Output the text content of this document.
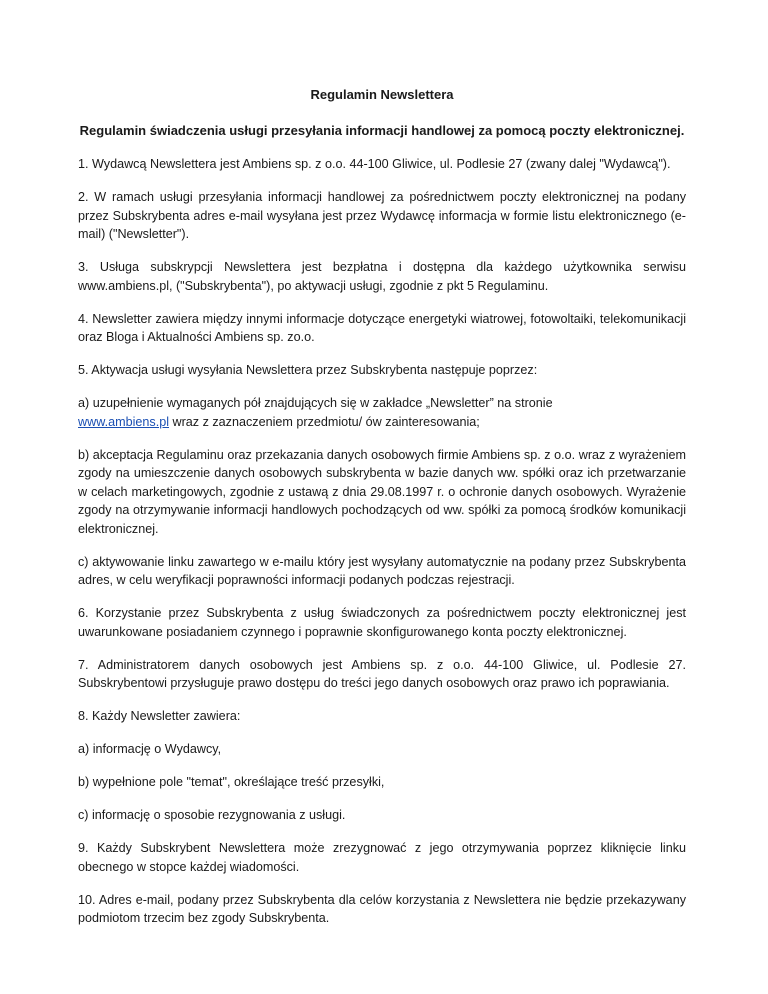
Regulamin Newslettera
Regulamin świadczenia usługi przesyłania informacji handlowej za pomocą poczty elektronicznej.
1. Wydawcą Newslettera jest Ambiens sp. z o.o. 44-100 Gliwice, ul. Podlesie 27 (zwany dalej "Wydawcą").
2. W ramach usługi przesyłania informacji handlowej za pośrednictwem poczty elektronicznej na podany przez Subskrybenta adres e-mail wysyłana jest przez Wydawcę informacja w formie listu elektronicznego (e-mail) ("Newsletter").
3. Usługa subskrypcji Newslettera jest bezpłatna i dostępna dla każdego użytkownika serwisu www.ambiens.pl, ("Subskrybenta"), po aktywacji usługi, zgodnie z pkt 5 Regulaminu.
4. Newsletter zawiera między innymi informacje dotyczące energetyki wiatrowej, fotowoltaiki, telekomunikacji oraz Bloga i Aktualności Ambiens sp. zo.o.
5. Aktywacja usługi wysyłania Newslettera przez Subskrybenta następuje poprzez:
a) uzupełnienie wymaganych pół znajdujących się w zakładce „Newsletter” na stronie
www.ambiens.pl wraz z zaznaczeniem przedmiotu/ ów zainteresowania;
b) akceptacja Regulaminu oraz przekazania danych osobowych firmie Ambiens sp. z o.o. wraz z wyrażeniem zgody na umieszczenie danych osobowych subskrybenta w bazie danych ww. spółki oraz ich przetwarzanie w celach marketingowych, zgodnie z ustawą z dnia 29.08.1997 r. o ochronie danych osobowych. Wyrażenie zgody na otrzymywanie informacji handlowych pochodzących od ww. spółki za pomocą środków komunikacji elektronicznej.
c) aktywowanie linku zawartego w e-mailu który jest wysyłany automatycznie na podany przez Subskrybenta adres, w celu weryfikacji poprawności informacji podanych podczas rejestracji.
6. Korzystanie przez Subskrybenta z usług świadczonych za pośrednictwem poczty elektronicznej jest uwarunkowane posiadaniem czynnego i poprawnie skonfigurowanego konta poczty elektronicznej.
7. Administratorem danych osobowych jest Ambiens sp. z o.o. 44-100 Gliwice, ul. Podlesie 27. Subskrybentowi przysługuje prawo dostępu do treści jego danych osobowych oraz prawo ich poprawiania.
8. Każdy Newsletter zawiera:
a) informację o Wydawcy,
b) wypełnione pole "temat", określające treść przesyłki,
c) informację o sposobie rezygnowania z usługi.
9. Każdy Subskrybent Newslettera może zrezygnować z jego otrzymywania poprzez kliknięcie linku obecnego w stopce każdej wiadomości.
10. Adres e-mail, podany przez Subskrybenta dla celów korzystania z Newslettera nie będzie przekazywany podmiotom trzecim bez zgody Subskrybenta.
